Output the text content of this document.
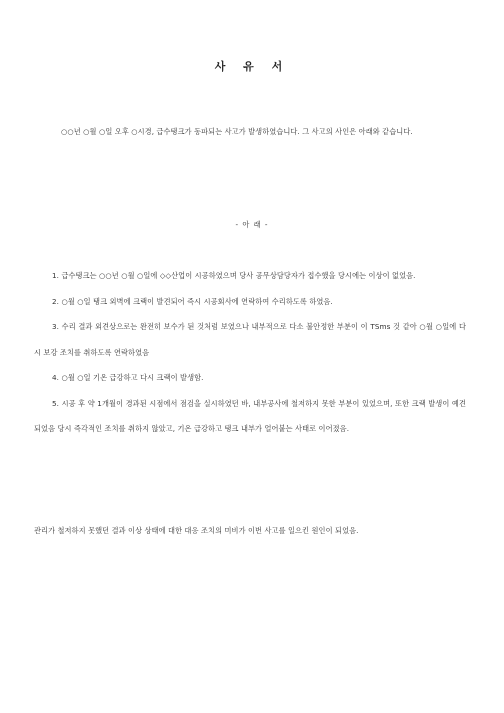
사 유 서
○○년 ○월 ○일 오후 ○시경, 급수탱크가 동파되는 사고가 발생하였습니다. 그 사고의 사인은 아래와 같습니다.
- 아 래 -

1. 급수탱크는 ○○년 ○월 ○일에 ◇◇산업이 시공하였으며 당사 공무상담당자가 접수했을 당시에는 이상이 없었음.

2. ○월 ○일 탱크 외벽에 크랙이 발견되어 즉시 시공회사에 연락하여 수리하도록 하였음.

3. 수리 결과 외견상으로는 완전히 보수가 된 것처럼 보였으나 내부적으로 다소 불안정한 부분이 이 TSms 것 같아 ○월 ○일에 다시 보강 조치를 취하도록 연락하였음

4. ○월 ○일 기온 급강하고 다시 크랙이 발생함.

5. 시공 후 약 1개월이 경과된 시점에서 점검을 실시하였던 바, 내부공사에 철저하지 못한 부분이 있었으며, 또한 크랙 발생이 예견되었음 당시 즉각적인 조치를 취하지 않았고, 기온 급강하고 탱크 내부가 얼어붙는 사태로 이어졌음.

관리가 철저하지 못했던 결과 이상 상태에 대한 대응 조치의 미비가 이번 사고를 일으킨 원인이 되었음.
